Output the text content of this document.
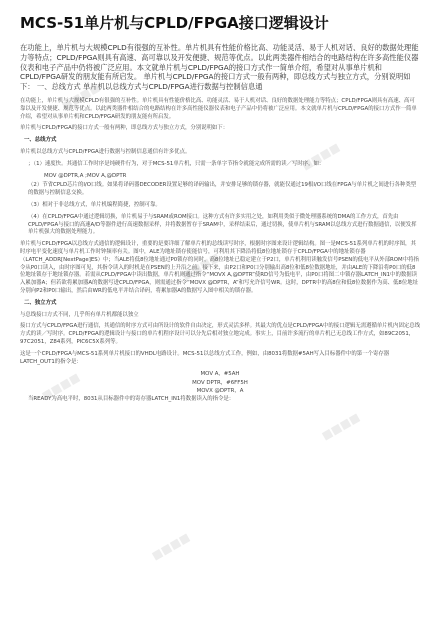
■■■■
■■■■
■■■■
■■■■
■■■■
■■■■
MCS-51单片机与CPLD/FPGA接口逻辑设计

在功能上，单片机与大规模CPLD有很强的互补性。单片机具有性能价格比高、功能灵活、易于人机对话、良好的数据处理能力等特点；CPLD/FPGA则具有高速、高可靠以及开发便捷、规范等优点。以此两类器件相结合的电路结构在许多高性能仪器仪表和电子产品中仍将被广泛应用。本文就单片机与CPLD/FPGA的接口方式作一简单介绍，希望对从事单片机和CPLD/FPGA研发的朋友能有所启发。 单片机与CPLD/FPGA的接口方式一般有两种，即总线方式与独立方式，分别说明如下： 一、总线方式 单片机以总线方式与CPLD/FPGA进行数据与控制信息通

在功能上，单片机与大规模CPLD有很强的互补性。单片机具有性能价格比高、功能灵活、易于人机对话、良好的数据处理能力等特点；CPLD/FPGA则具有高速、高可靠以及开发便捷、规范等优点。以此两类器件相结合的电路结构在许多高性能仪器仪表和电子产品中仍将被广泛应用。本文就单片机与CPLD/FPGA的接口方式作一简单介绍，希望对从事单片机和CPLD/FPGA研发的朋友能有所启发。

单片机与CPLD/FPGA的接口方式一般有两种，即总线方式与独立方式，分别说明如下：

一、总线方式

单片机以总线方式与CPLD/FPGA进行数据与控制信息通信有许多优点。

；（1）速度快。其通信工作时序是纯硬件行为，对于MCS-51单片机，只需一条单字节指令就能完成所需的读／写时序，如：

MOV @DPTR,A ;MOV A,@DPTR

（2）节省CPLD芯片的I/O口线。如果将译码器DECODER设置足够的译码输出，并安排足够的锁存器，就能仅通过19根I/O口线在FPGA与单片机之间进行各种类型的数据与控制信息交换。

（3）相对于非总线方式，单片机编程简捷，控制可靠。

（4）在CPLD/FPGA中通过逻辑切换，单片机易于与SRAM或ROM接口。这种方式有许多实用之处，如利用类似于微处理器系统的DMA的工作方式，首先由CPLD/FPGA与接口的高速A/D等器件进行高速数据采样，并将数据暂存于SRAM中，采样结束后，通过切换，使单片机与SRAM以总线方式进行数据通信，以便发挥单片机强大的数据处理能力。

单片机与CPLD/FPGA以总线方式通信的逻辑设计，重要的是要详细了解单片机的总线读写时序，根据时序图来设计逻辑结构。图一是MCS-51系列单片机的时序图，其时序电平变化速度与单片机工作时钟频率有关。图中，ALE为地址锁存使能信号，可利用其下降沿将低8位地址锁存于CPLD/FPGA中的地址锁存器（LATCH_ADDR[NextPage]ES）中；当ALE将低8位地址通过P0锁存的同时，高8位地址已稳定建立于P2口，单片机利用读触发信号PSEN的低电平从外部ROM中将指令从P0口读入，由时序图可见，其指令读入的时机是在PSEN的上升沿之前。接下来，由P2口和P0口分别输出高8位和低8位数据地址，并由ALE的下降沿将P0口的低8位地址锁存于地址锁存器。若需从CPLD/FPGA中读出数据，单片机则通过指令“MOVX A,@DPTR”使RD信号为低电平，由P0口将图二中锁存器LATCH_IN1中的数据读入累加器A；但若欲将累加器A的数据写进CPLD/FPGA，则需通过指令“MOVX @DPTR，A”和写允许信号WR。这时，DPTR中的高8位和低8位数据作为高、低8位地址分别向P2和P0口输出，然后由WR的低电平并结合译码，将累加器A的数据写入图中相关的锁存器。

二、独立方式

与总线接口方式不同，几乎所有单片机都能以独立

接口方式与CPLD/FPGA进行通信，其通信的时序方式可由所设计的软件自由决定，形式灵活多样。其最大的优点是CPLD/FPGA中的接口逻辑无需遵循单片机内固定总线方式的读／写时序。CPLD/FPGA的逻辑设计与接口的单片机程序设计可以分先后相对独立地完成。事实上，目前许多流行的单片机已无总线工作方式，如89C2051，97C2051，Z84系列，PIC6C5X系列等。

这是一个CPLD/FPGA与MCS-51系列单片机接口的VHDL电路设计。MCS-51以总线方式工作，例如，由8031将数据#5AH写入目标器件中的第一个寄存器LATCH_OUT1的指令是：

MOV A，#5AH

MOV DPTR，#6FF5H

MOVX @DPTR，A

当READY为高电平时，8031从目标器件中的寄存器LATCH_IN1将数据读入的指令是：
